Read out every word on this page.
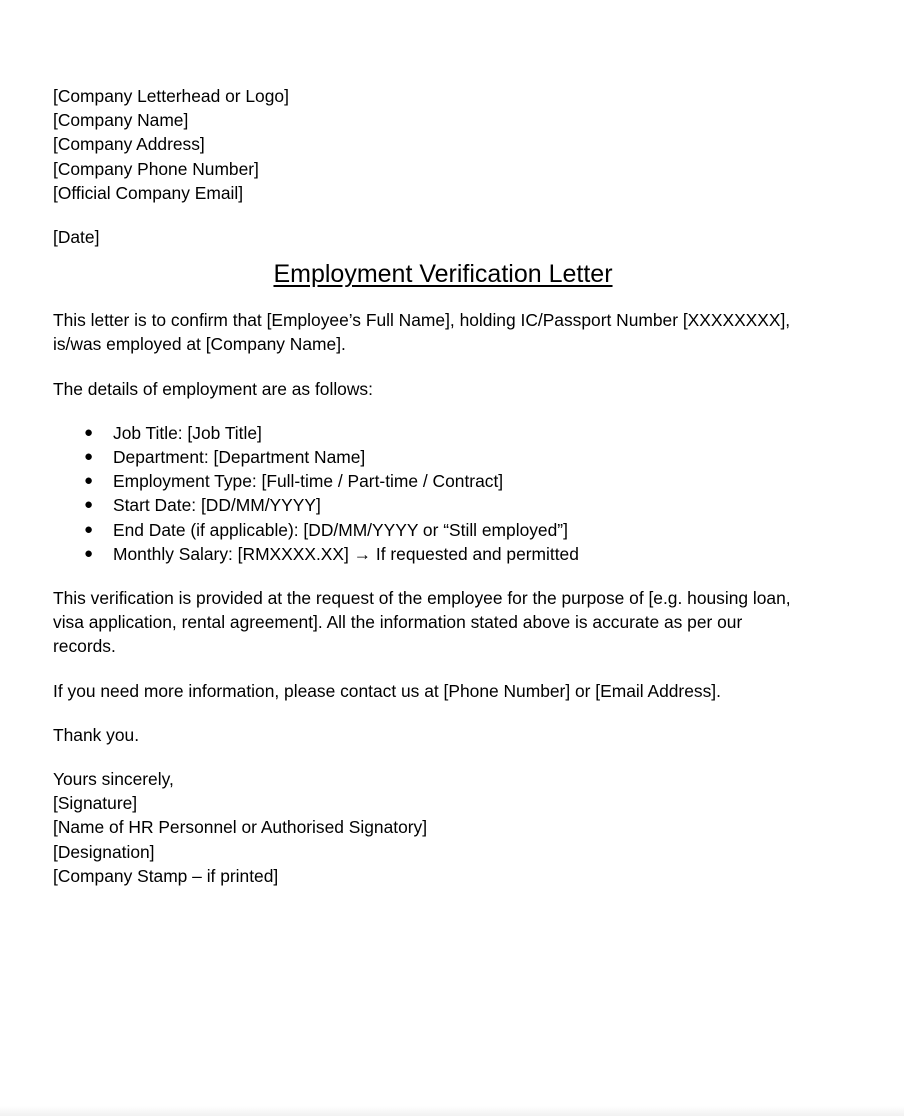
[Company Letterhead or Logo]
[Company Name]
[Company Address]
[Company Phone Number]
[Official Company Email]
[Date]
Employment Verification Letter
This letter is to confirm that [Employee’s Full Name], holding IC/Passport Number [XXXXXXXX],
is/was employed at [Company Name].
The details of employment are as follows:
● Job Title: [Job Title]
● Department: [Department Name]
● Employment Type: [Full-time / Part-time / Contract]
● Start Date: [DD/MM/YYYY]
● End Date (if applicable): [DD/MM/YYYY or “Still employed”]
● Monthly Salary: [RMXXXX.XX] → If requested and permitted
This verification is provided at the request of the employee for the purpose of [e.g. housing loan,
visa application, rental agreement]. All the information stated above is accurate as per our
records.
If you need more information, please contact us at [Phone Number] or [Email Address].
Thank you.
Yours sincerely,
[Signature]
[Name of HR Personnel or Authorised Signatory]
[Designation]
[Company Stamp – if printed]
